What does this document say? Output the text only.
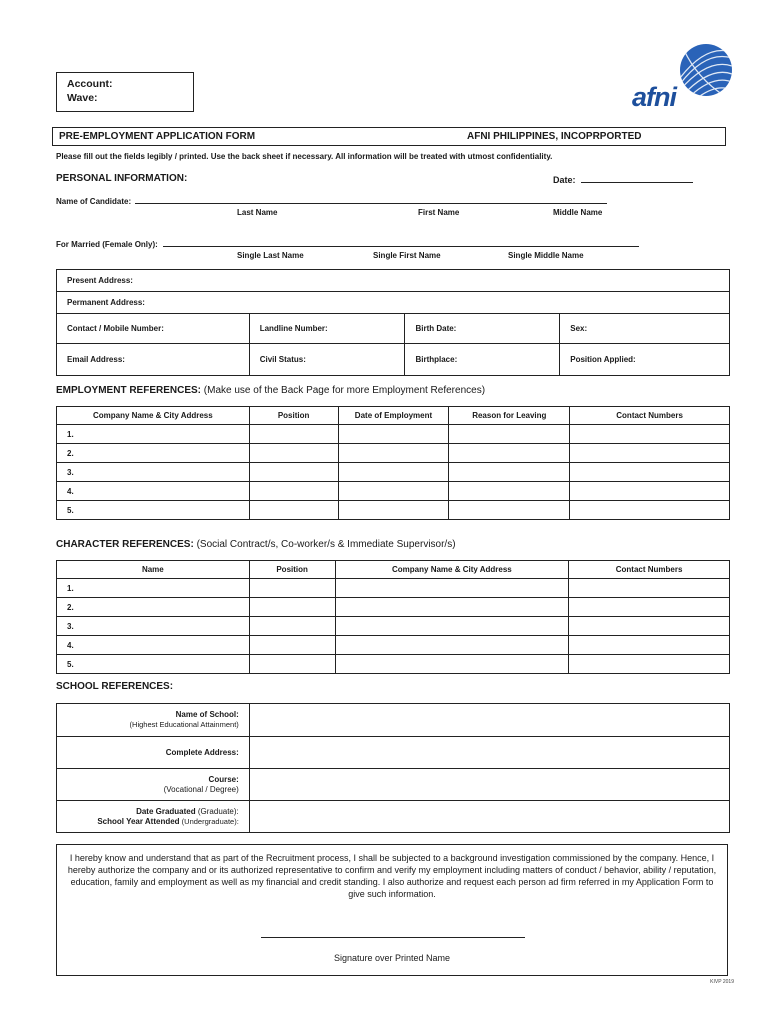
Account:
Wave:	afni
PRE-EMPLOYMENT APPLICATION FORM	AFNI PHILIPPINES, INCOPRPORTED
Please fill out the fields legibly / printed. Use the back sheet if necessary. All information will be treated with utmost confidentiality.
PERSONAL INFORMATION:	Date:
Name of Candidate:
Last Name	First Name	Middle Name
For Married (Female Only):
Single Last Name	Single First Name	Single Middle Name
Present Address:			
Permanent Address:			
Contact / Mobile Number:	Landline Number:	Birth Date:	Sex:
Email Address:	Civil Status:	Birthplace:	Position Applied:
EMPLOYMENT REFERENCES: (Make use of the Back Page for more Employment References)
Company Name & City Address	Position	Date of Employment	Reason for Leaving	Contact Numbers
1.				
2.				
3.				
4.				
5.				
CHARACTER REFERENCES: (Social Contract/s, Co-worker/s & Immediate Supervisor/s)
Name	Position	Company Name & City Address	Contact Numbers
1.			
2.			
3.			
4.			
5.			
SCHOOL REFERENCES:
Name of School:
(Highest Educational Attainment)	

Complete Address:	

Course:
(Vocational / Degree)	

Date Graduated (Graduate):
School Year Attended (Undergraduate):	

I hereby know and understand that as part of the Recruitment process, I shall be subjected to a background investigation commissioned by the company. Hence, I hereby authorize the company and or its authorized representative to confirm and verify my employment including matters of conduct / behavior, ability / reputation, education, family and employment as well as my financial and credit standing. I also authorize and request each person ad firm referred in my Application Form to give such information.
Signature over Printed Name
KIVP 2019
